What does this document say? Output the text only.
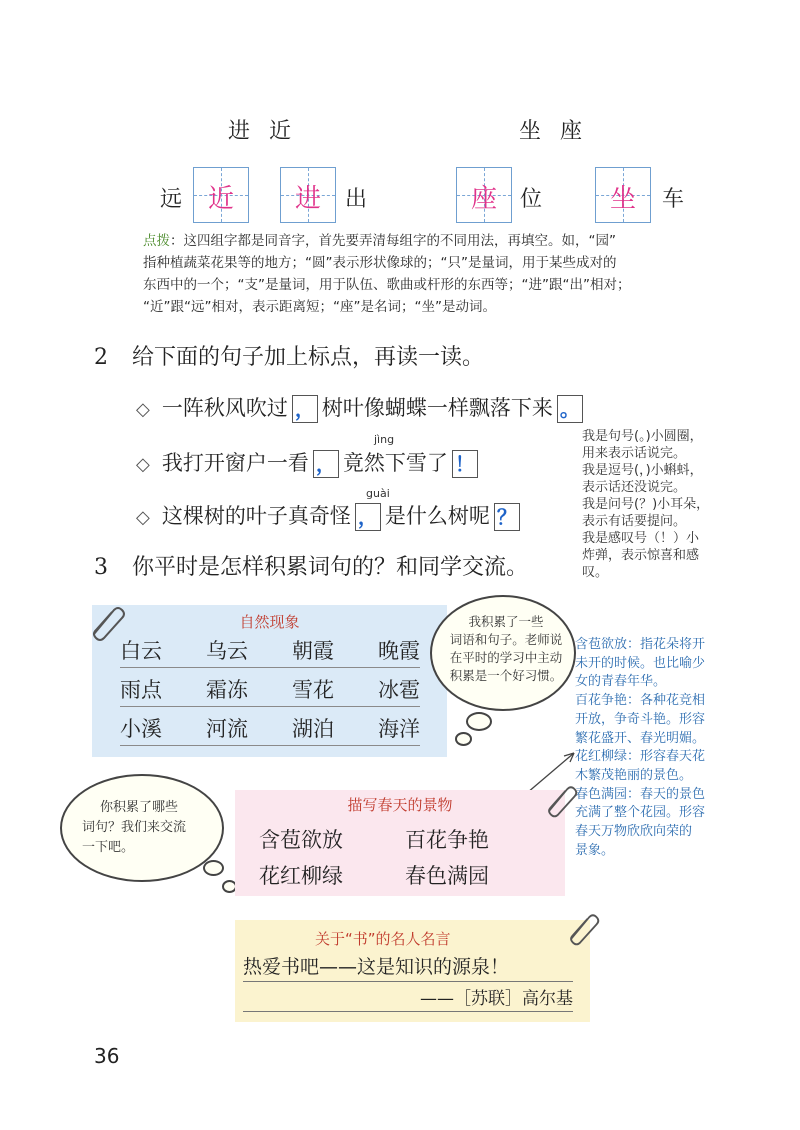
进 近	坐 座
远 近	进	出	座	位	坐	车
点拨：这四组字都是同音字，首先要弄清每组字的不同用法，再填空。如，“园”
指种植蔬菜花果等的地方；“圆”表示形状像球的；“只”是量词，用于某些成对的
东西中的一个；“支”是量词，用于队伍、歌曲或杆形的东西等；“进”跟“出”相对；
“近”跟“远”相对，表示距离短；“座”是名词；“坐”是动词。
2 给下面的句子加上标点，再读一读。
◇ 一阵秋风吹过 ， 树叶像蝴蝶一样飘落下来 。
jìng
◇ 我打开窗户一看 ， 竟然下雪了 ！
guài
◇ 这棵树的叶子真奇怪 ， 是什么树呢 ？
我是句号(。)小圆圈，
用来表示话说完。
我是逗号(，)小蝌蚪，
表示话还没说完。
我是问号(？)小耳朵，
表示有话要提问。
我是感叹号（！）小
炸弹，表示惊喜和感
叹。
3 你平时是怎样积累词句的？和同学交流。
自然现象
白云 乌云 朝霞 晚霞
雨点 霜冻 雪花 冰雹
小溪 河流 湖泊 海洋
我积累了一些
词语和句子。老师说
在平时的学习中主动
积累是一个好习惯。
含苞欲放：指花朵将开
未开的时候。也比喻少
女的青春年华。
百花争艳：各种花竞相
开放，争奇斗艳。形容
繁花盛开、春光明媚。
花红柳绿：形容春天花
木繁茂艳丽的景色。
春色满园：春天的景色
充满了整个花园。形容
春天万物欣欣向荣的
景象。
你积累了哪些
词句？我们来交流
一下吧。
描写春天的景物
含苞欲放	百花争艳
花红柳绿	春色满园
关于“书”的名人名言
热爱书吧——这是知识的源泉！
——［苏联］高尔基
36
